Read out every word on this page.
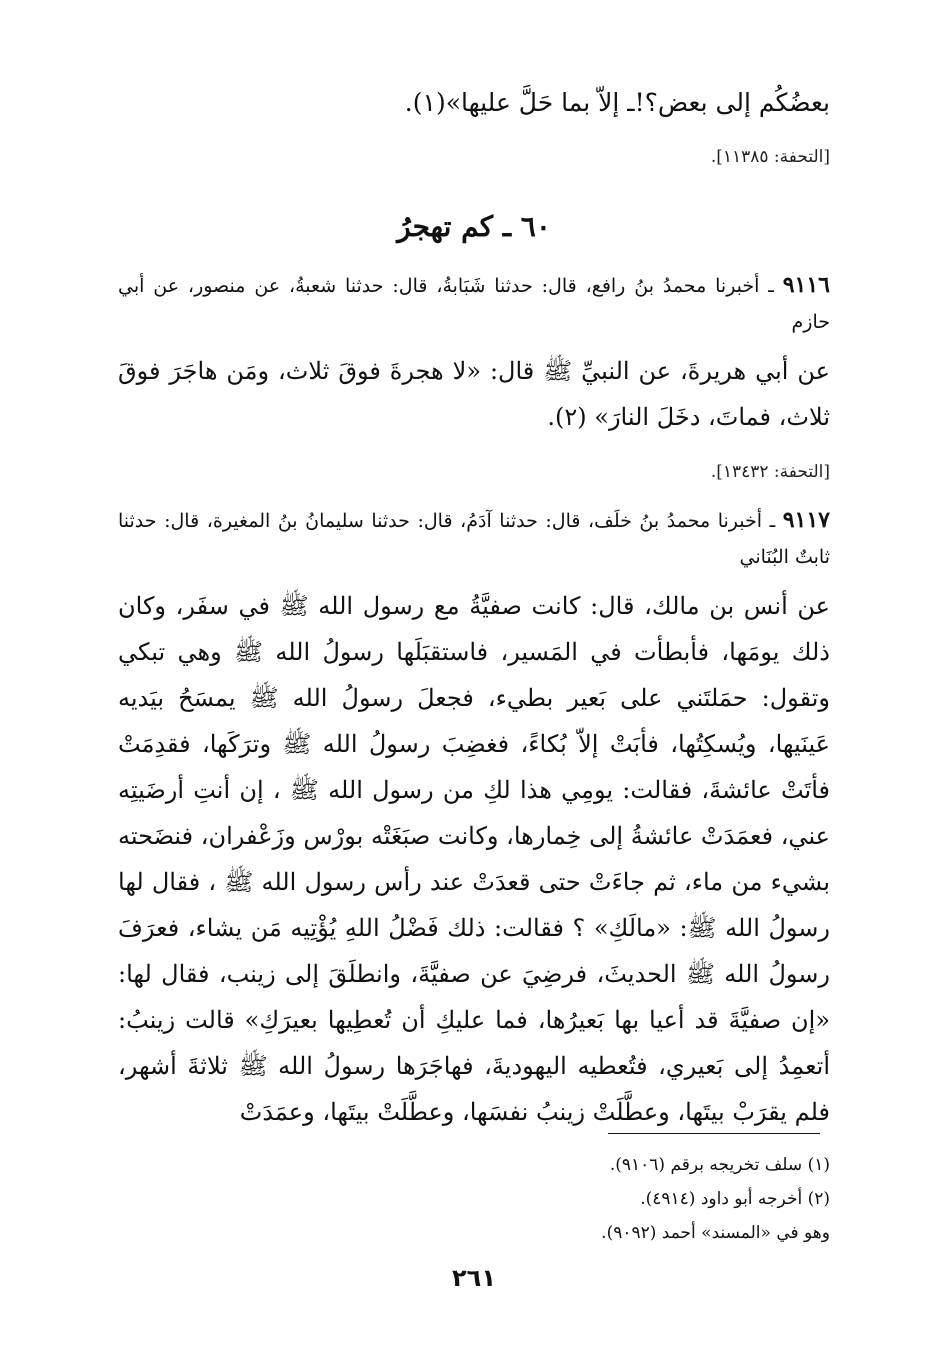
بعضُكُم إلى بعض؟!ـ إلاّ بما حَلَّ عليها»(١).

[التحفة: ١١٣٨٥].

٦٠ ـ كم تهجرُ

٩١١٦ ـ أخبرنا محمدُ بنُ رافع، قال: حدثنا شَبَابةُ، قال: حدثنا شعبةُ، عن منصور، عن أبي حازم

عن أبي هريرةَ، عن النبيِّ ﷺ قال: «لا هجرةَ فوقَ ثلاث، ومَن هاجَرَ فوقَ ثلاث، فماتَ، دخَلَ النارَ» (٢).

[التحفة: ١٣٤٣٢].

٩١١٧ ـ أخبرنا محمدُ بنُ خلَف، قال: حدثنا آدَمُ، قال: حدثنا سليمانُ بنُ المغيرة، قال: حدثنا ثابتٌ البُنَاني

عن أنس بن مالك، قال: كانت صفيَّةُ مع رسول الله ﷺ في سفَر، وكان ذلك يومَها، فأبطأت في المَسير، فاستقبَلَها رسولُ الله ﷺ وهي تبكي وتقول: حمَلتَني على بَعير بطيء، فجعلَ رسولُ الله ﷺ يمسَحُ بيَديه عَينَيها، ويُسكِتُها، فأبَتْ إلاّ بُكاءً، فغضِبَ رسولُ الله ﷺ وترَكَها، فقدِمَتْ فأتَتْ عائشةَ، فقالت: يومِي هذا لكِ من رسول الله ﷺ ، إن أنتِ أرضَيتِه عني، فعمَدَتْ عائشةُ إلى خِمارها، وكانت صبَغَتْه بورْس وزَعْفران، فنضَحته بشيء من ماء، ثم جاءَتْ حتى قعدَتْ عند رأس رسول الله ﷺ ، فقال لها رسولُ الله ﷺ: «مالَكِ» ؟ فقالت: ذلك فَضْلُ اللهِ يُؤْتِيه مَن يشاء، فعرَفَ رسولُ الله ﷺ الحديثَ، فرضِيَ عن صفيَّةَ، وانطلَقَ إلى زينب، فقال لها: «إن صفيَّةَ قد أعيا بها بَعيرُها، فما عليكِ أن تُعطِيها بعيرَكِ» قالت زينبُ: أتعمِدُ إلى بَعيري، فتُعطيه اليهوديةَ، فهاجَرَها رسولُ الله ﷺ ثلاثةَ أشهر، فلم يقرَبْ بيتَها، وعطَّلَتْ زينبُ نفسَها، وعطَّلَتْ بيتَها، وعمَدَتْ

(١) سلف تخريجه برقم (٩١٠٦).

(٢) أخرجه أبو داود (٤٩١٤).

وهو في «المسند» أحمد (٩٠٩٢).

٢٦١
